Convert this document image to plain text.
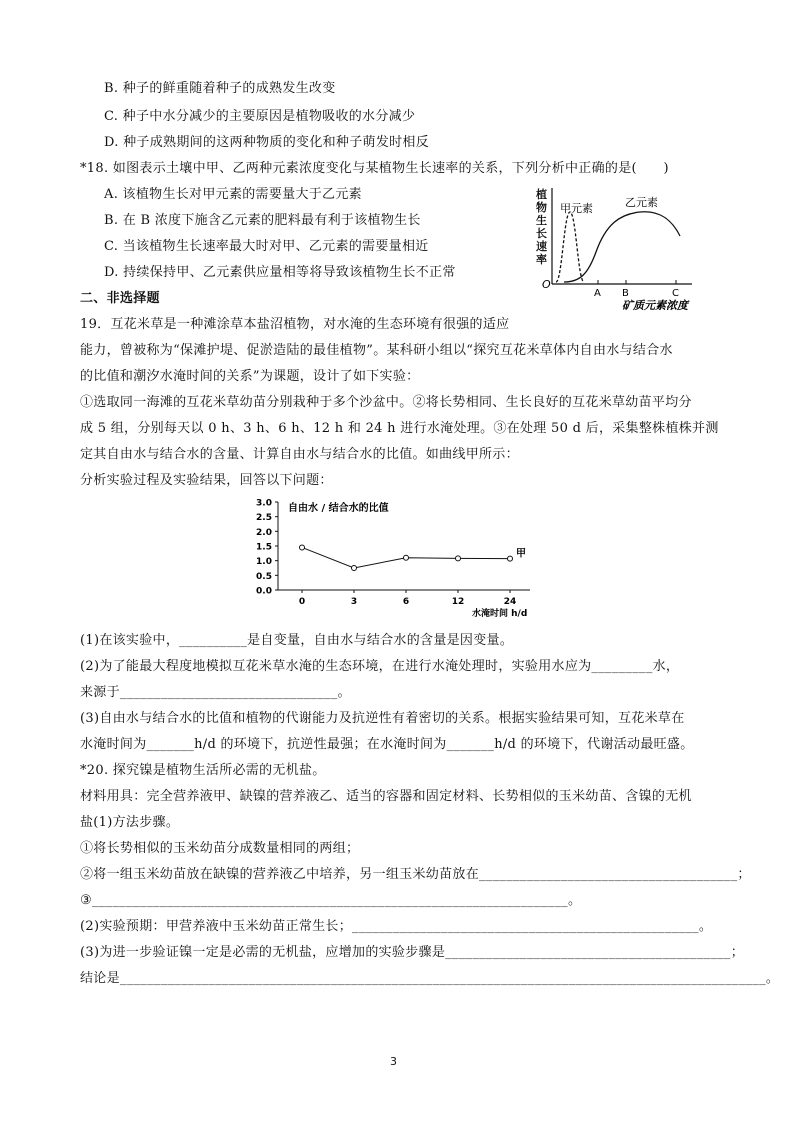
B. 种子的鲜重随着种子的成熟发生改变
C. 种子中水分减少的主要原因是植物吸收的水分减少
D. 种子成熟期间的这两种物质的变化和种子萌发时相反
*18. 如图表示土壤中甲、乙两种元素浓度变化与某植物生长速率的关系，下列分析中正确的是(　　)
A. 该植物生长对甲元素的需要量大于乙元素
B. 在 B 浓度下施含乙元素的肥料最有利于该植物生长
C. 当该植物生长速率最大时对甲、乙元素的需要量相近
D. 持续保持甲、乙元素供应量相等将导致该植物生长不正常
植
物
生
长
速
率
O
甲元素	乙元素
A B	C
矿质元素浓度
二、非选择题
19．互花米草是一种滩涂草本盐沼植物，对水淹的生态环境有很强的适应
能力，曾被称为“保滩护堤、促淤造陆的最佳植物”。某科研小组以“探究互花米草体内自由水与结合水
的比值和潮汐水淹时间的关系”为课题，设计了如下实验：
①选取同一海滩的互花米草幼苗分别栽种于多个沙盆中。②将长势相同、生长良好的互花米草幼苗平均分
成 5 组，分别每天以 0 h、3 h、6 h、12 h 和 24 h 进行水淹处理。③在处理 50 d 后，采集整株植株并测
定其自由水与结合水的含量、计算自由水与结合水的比值。如曲线甲所示：
分析实验过程及实验结果，回答以下问题：
0.0
0.5
1.0
1.5
2.0
2.5
3.0
0	3	6	12	24
自由水 / 结合水的比值
水淹时间 h/d
甲
(1)在该实验中，__________是自变量，自由水与结合水的含量是因变量。
(2)为了能最大程度地模拟互花米草水淹的生态环境，在进行水淹处理时，实验用水应为_________水，
来源于________________________________。
(3)自由水与结合水的比值和植物的代谢能力及抗逆性有着密切的关系。根据实验结果可知，互花米草在
水淹时间为_______h/d 的环境下，抗逆性最强；在水淹时间为_______h/d 的环境下，代谢活动最旺盛。
*20. 探究镍是植物生活所必需的无机盐。
材料用具：完全营养液甲、缺镍的营养液乙、适当的容器和固定材料、长势相似的玉米幼苗、含镍的无机
盐(1)方法步骤。
①将长势相似的玉米幼苗分成数量相同的两组；
②将一组玉米幼苗放在缺镍的营养液乙中培养，另一组玉米幼苗放在______________________________________；
③______________________________________________________________________。
(2)实验预期：甲营养液中玉米幼苗正常生长；___________________________________________________。
(3)为进一步验证镍一定是必需的无机盐，应增加的实验步骤是__________________________________________；
结论是_______________________________________________________________________________________________。
3
